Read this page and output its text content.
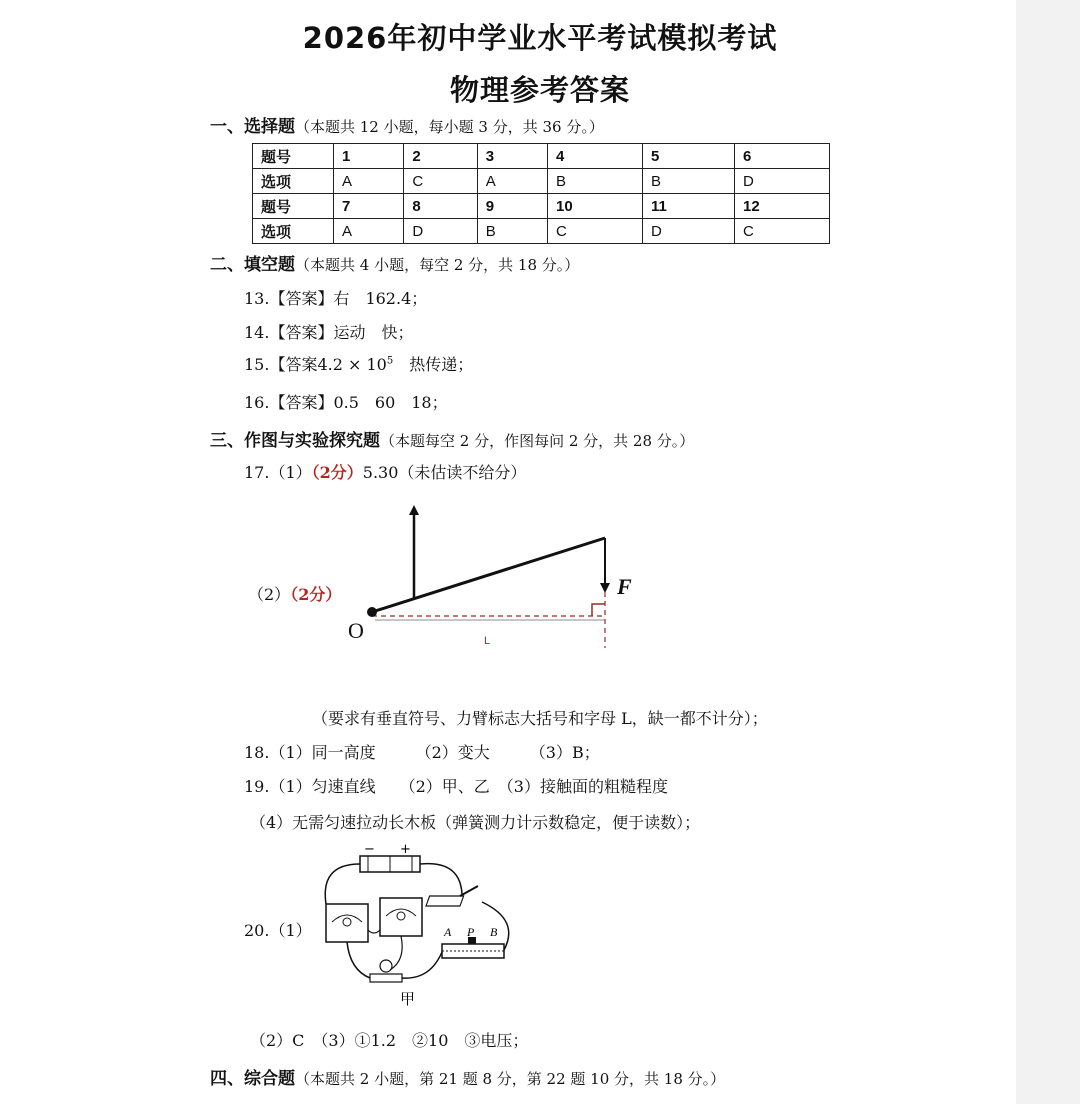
2026年初中学业水平考试模拟考试
物理参考答案
一、选择题（本题共 12 小题，每小题 3 分，共 36 分。）
题号	1	2	3	4	5	6
选项	A	C	A	B	B	D
题号	7	8	9	10	11	12
选项	A	D	B	C	D	C
二、填空题（本题共 4 小题，每空 2 分，共 18 分。）
13.【答案】右　162.4；
14.【答案】运动　快；
15.【答案$4.2 \times 10^5$　热传递；
16.【答案】0.5　60　18；
三、作图与实验探究题（本题每空 2 分，作图每问 2 分，共 28 分。）
17.（1）（2分）5.30（未估读不给分）
（2）（2分）
O
F
L
（要求有垂直符号、力臂标志大括号和字母 L，缺一都不计分）；
18.（1）同一高度　　　（2）变大　　　（3）B；
19.（1）匀速直线　　（2）甲、乙　（3）接触面的粗糙程度
（4）无需匀速拉动长木板（弹簧测力计示数稳定，便于读数）；
20.（1）
− +
A P B
甲
（2）C　（3）①1.2　②10　③电压；
四、综合题（本题共 2 小题，第 21 题 8 分，第 22 题 10 分，共 18 分。）
